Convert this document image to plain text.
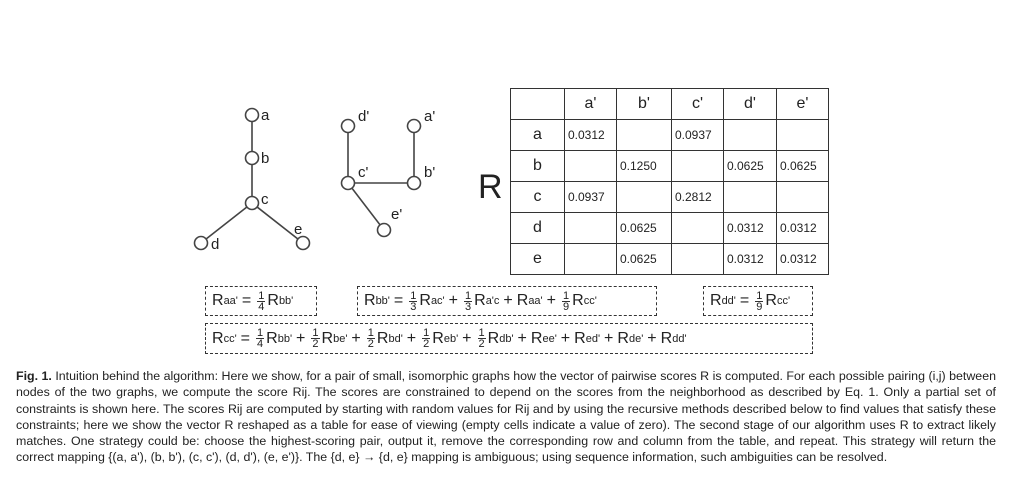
a
b
c
d
e
d'	a'
c'	b'
e'
R
	a'	b'	c'	d'	e'
a	0.0312		0.0937		
b		0.1250		0.0625	0.0625
c	0.0937		0.2812		
d		0.0625		0.0312	0.0312
e		0.0625		0.0312	0.0312
R $aa' = \frac{1}{4}$ R bb'	R $bb' = \frac{1}{3}$ R $ac' + \frac{1}{3}$ R a'c + R $aa' + \frac{1}{9}$ R cc'	R $dd' = \frac{1}{9}$ R cc'
R $cc' = \frac{1}{4}$ R $bb' + \frac{1}{2}$ R $be' + \frac{1}{2}$ R $bd' + \frac{1}{2}$ R $eb' + \frac{1}{2}$ R db' + R ee' + R ed' + R de' + R dd'
Fig. 1. Intuition behind the algorithm: Here we show, for a pair of small, isomorphic graphs how the vector of pairwise scores R is computed. For each possible pairing (i,j) between nodes of the two graphs, we compute the score Rij. The scores are constrained to depend on the scores from the neighborhood as described by Eq. 1. Only a partial set of constraints is shown here. The scores Rij are computed by starting with random values for Rij and by using the recursive methods described below to find values that satisfy these constraints; here we show the vector R reshaped as a table for ease of viewing (empty cells indicate a value of zero). The second stage of our algorithm uses R to extract likely matches. One strategy could be: choose the highest-scoring pair, output it, remove the corresponding row and column from the table, and repeat. This strategy will return the correct mapping {(a, a'), (b, b'), (c, c'), (d, d'), (e, e')}. The {d, e} → {d, e} mapping is ambiguous; using sequence information, such ambiguities can be resolved.
